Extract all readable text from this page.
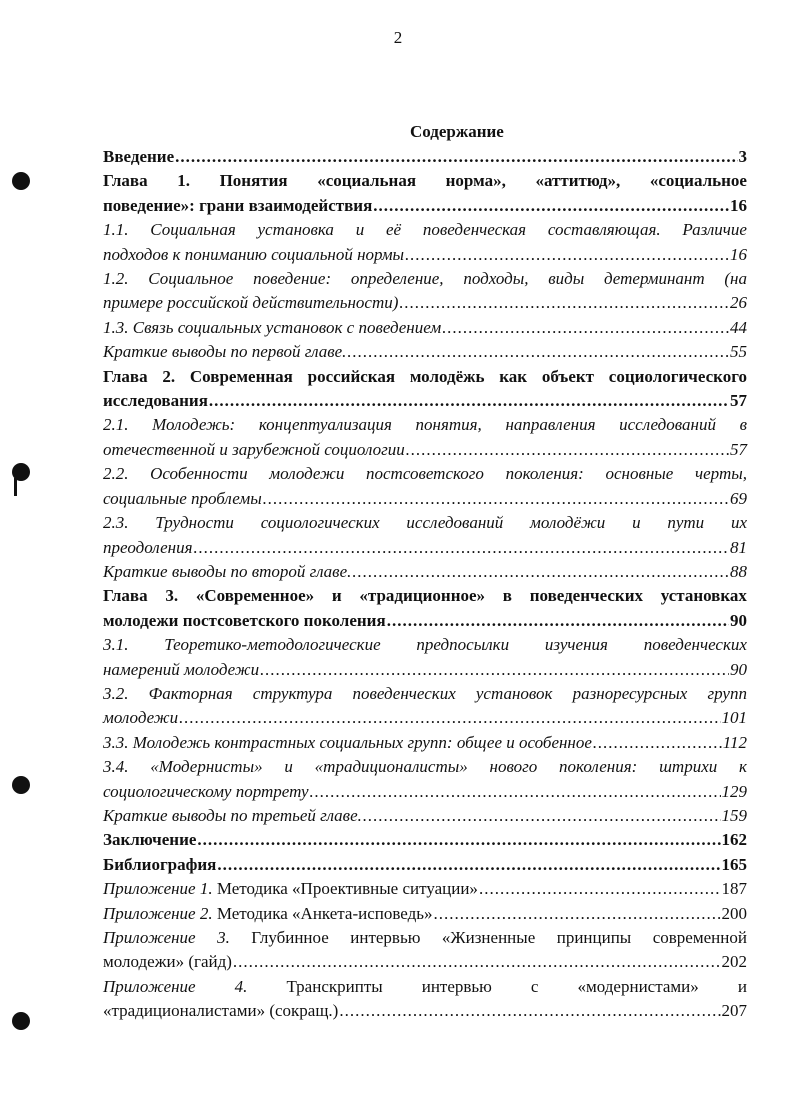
2
Содержание
Введение .....	3
Глава 1. Понятия «социальная норма», «аттитюд», «социальное
поведение»: грани взаимодействия .....	16
1.1. Социальная установка и её поведенческая составляющая. Различие
подходов к пониманию социальной нормы .....	16
1.2. Социальное поведение: определение, подходы, виды детерминант (на
примере российской действительности) .....	26
1.3. Связь социальных установок с поведением .....	44
Краткие выводы по первой главе. .....	55
Глава 2. Современная российская молодёжь как объект социологического
исследования .....	57
2.1. Молодежь: концептуализация понятия, направления исследований в
отечественной и зарубежной социологии .....	57
2.2. Особенности молодежи постсоветского поколения: основные черты,
социальные проблемы .....	69
2.3. Трудности социологических исследований молодёжи и пути их
преодоления .....	81
Краткие выводы по второй главе. .....	88
Глава 3. «Современное» и «традиционное» в поведенческих установках
молодежи постсоветского поколения .....	90
3.1. Теоретико-методологические предпосылки изучения поведенческих
намерений молодежи .....	90
3.2. Факторная структура поведенческих установок разноресурсных групп
молодежи .....	101
3.3. Молодежь контрастных социальных групп: общее и особенное .....	112
3.4. «Модернисты» и «традиционалисты» нового поколения: штрихи к
социологическому портрету .....	129
Краткие выводы по третьей главе. .....	159
Заключение .....	162
Библиография .....	165
Приложение 1. Методика «Проективные ситуации» .....	187
Приложение 2. Методика «Анкета-исповедь» .....	200
Приложение 3. Глубинное интервью «Жизненные принципы современной
молодежи» (гайд) .....	202
Приложение 4. Транскрипты интервью с «модернистами» и
«традиционалистами» (сокращ.) .....	207
